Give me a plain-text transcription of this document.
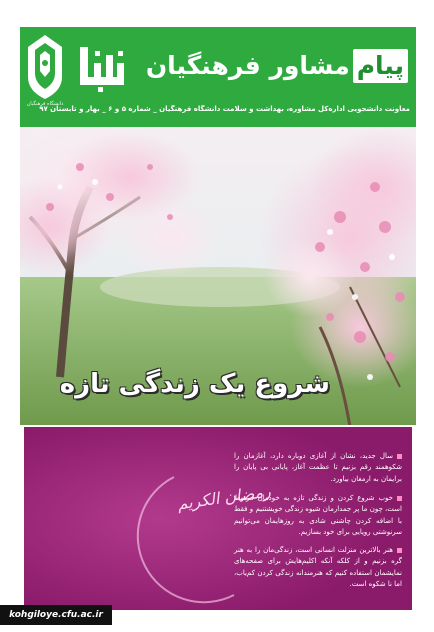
دانشگاه فرهنگیان
پیاممشاور فرهنگیان
معاونت دانشجویی اداره‌کل مشاوره، بهداشت و سلامت دانشگاه فرهنگیان _ شماره ۵ و ۶ _ بهار و تابستان ۹۷
شروع یک زندگی تازه
رمضان الکریم
سال جدید، نشان از آغازی دوباره دارد، آغازمان را شکوهمند رقم بزنیم تا عظمت آغاز، پایانی بی پایان را برایمان به ارمغان بیاورد.
خوب شروع کردن و زندگی تازه به خودمان مربوط است، چون ما پر جمدارمان شیوه زندگی خویشتنیم و فقط با اضافه کردن چاشنی شادی به روزهایمان می‌توانیم سرنوشتی رویایی برای خود بسازیم.
هنر بالاترین منزلت انسانی است، زندگی‌مان را به هنر گره بزنیم و از کلکه آنکه اکلیم‌هایش برای صفحه‌های نمایشمان استفاده کنیم که هنرمندانه زندگی کردن کم‌یاب، اما نا شکوه است.
kohgiloye.cfu.ac.ir
